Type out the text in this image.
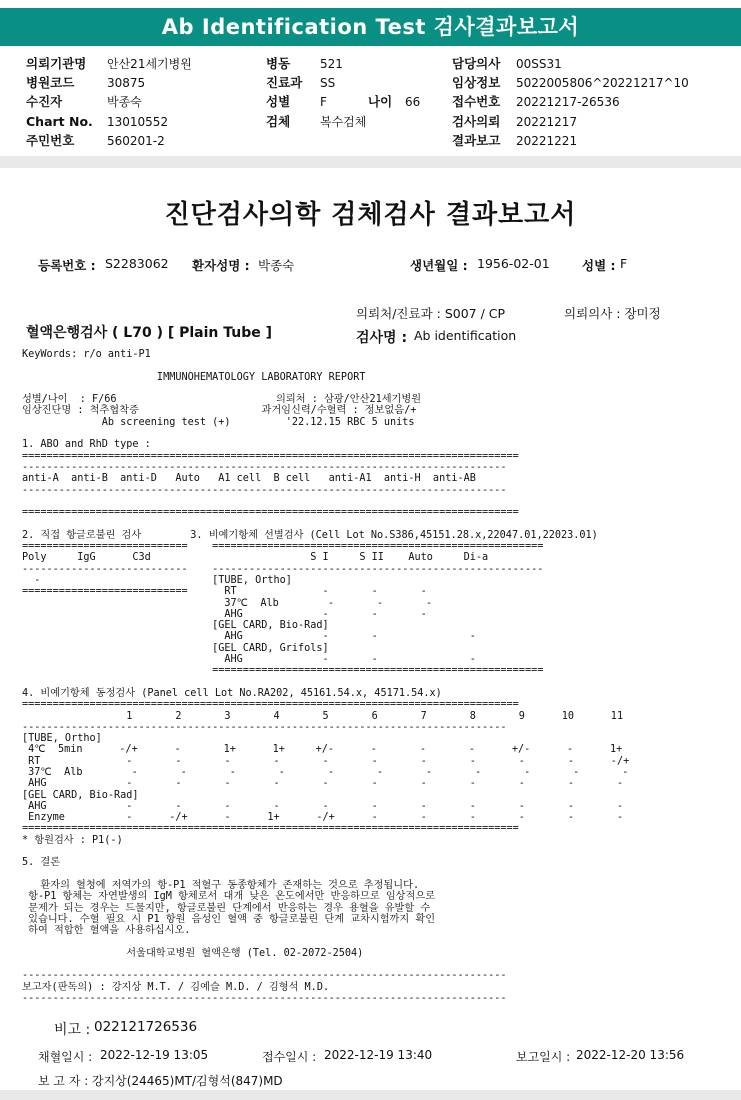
Ab Identification Test 검사결과보고서
의뢰기관명 안산21세기병원
병원코드	30875
수진자	박종숙
Chart No. 13010552
주민번호	560201-2
병동 521
진료과 SS
성별 F	나이 66
검체 복수검체
담당의사 00SS31
임상정보 5022005806^20221217^10
접수번호 20221217-26536
검사의뢰 20221217
결과보고 20221221
진단검사의학 검체검사 결과보고서
등록번호 : S2283062 환자성명 : 박종숙	생년월일 : 1956-02-01	성별 : F
의뢰처/진료과 : S007 / CP	의뢰의사 : 장미정
혈액은행검사 ( L70 ) [ Plain Tube ]	검사명 : Ab identification
KeyWords: r/o anti-P1

IMMUNOHEMATOLOGY LABORATORY REPORT

성별/나이  : F/66                          의뢰처 : 삼광/안산21세기병원
임상진단명 : 척추협착증                    과거임신력/수혈력 : 정보없음/+
Ab screening test (+)         '22.12.15 RBC 5 units

1. ABO and RhD type :
=================================================================================
-------------------------------------------------------------------------------
anti-A  anti-B  anti-D   Auto   A1 cell  B cell   anti-A1  anti-H  anti-AB
-------------------------------------------------------------------------------

=================================================================================

2. 직접 항글로불린 검사        3. 비예기항체 선별검사 (Cell Lot No.S386,45151.28.x,22047.01,22023.01)
===========================    ======================================================
Poly     IgG      C3d                          S I     S II    Auto     Di-a
---------------------------    ------------------------------------------------------
-                            [TUBE, Ortho]
===========================      RT              -       -       -
37℃  Alb        -       -       -
AHG             -       -       -
[GEL CARD, Bio-Rad]
AHG             -       -               -
[GEL CARD, Grifols]
AHG             -       -               -
======================================================

4. 비예기항체 동정검사 (Panel cell Lot No.RA202, 45161.54.x, 45171.54.x)
=================================================================================
1       2       3       4       5       6       7       8       9      10      11
-------------------------------------------------------------------------------
[TUBE, Ortho]
4℃  5min      -/+      -       1+      1+     +/-      -       -       -      +/-      -      1+
RT              -       -       -       -       -       -       -       -       -       -      -/+
37℃  Alb        -       -       -       -       -       -       -       -       -       -       -
AHG             -       -       -       -       -       -       -       -       -       -       -
[GEL CARD, Bio-Rad]
AHG             -       -       -       -       -       -       -       -       -       -       -
Enzyme          -      -/+      -      1+      -/+      -       -       -       -       -       -
=================================================================================
* 항원검사 : P1(-)

5. 결론

환자의 혈청에 저역가의 항-P1 적혈구 동종항체가 존재하는 것으로 추정됩니다.
항-P1 항체는 자연발생의 IgM 항체로서 대개 낮은 온도에서만 반응하므로 임상적으로
문제가 되는 경우는 드물지만, 항글로불린 단계에서 반응하는 경우 용혈을 유발할 수
있습니다. 수혈 필요 시 P1 항원 음성인 혈액 중 항글로불린 단계 교차시험까지 확인
하여 적합한 혈액을 사용하십시오.

서울대학교병원 혈액은행 (Tel. 02-2072-2504)

-------------------------------------------------------------------------------
보고자(판독의) : 강지상 M.T. / 김예슬 M.D. / 김형석 M.D.
-------------------------------------------------------------------------------
비고 : 022121726536
채혈일시 : 2022-12-19 13:05	접수일시 : 2022-12-19 13:40	보고일시 : 2022-12-20 13:56
보 고 자 : 강지상(24465)MT/김형석(847)MD
